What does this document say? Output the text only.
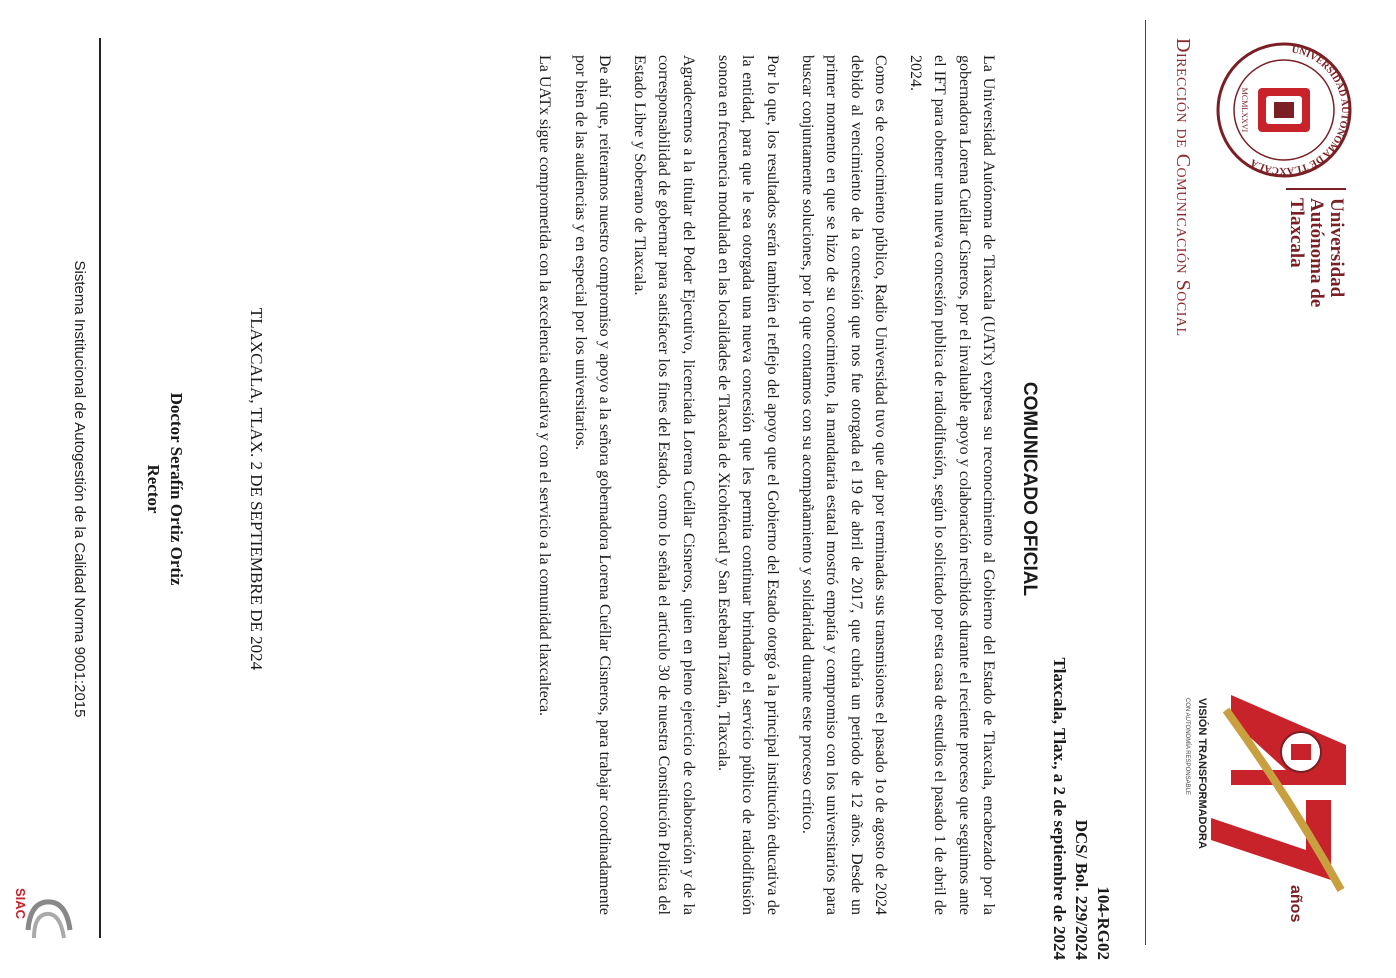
UNIVERSIDAD AUTÓNOMA DE TLAXCALA
MCMLXXVI
Universidad
Autónoma de
Tlaxcala
Dirección de Comunicación Social
años
VISIÓN TRANSFORMADORA
CON AUTONOMÍA RESPONSABLE
104-RG02
DCS/ Bol. 229/2024
Tlaxcala, Tlax., a 2 de septiembre de 2024
COMUNICADO OFICIAL

La Universidad Autónoma de Tlaxcala (UATx) expresa su reconocimiento al Gobierno del Estado de Tlaxcala, encabezado por la gobernadora Lorena Cuéllar Cisneros, por el invaluable apoyo y colaboración recibidos durante el reciente proceso que seguimos ante el IFT para obtener una nueva concesión publica de radiodifusión, según lo solicitado por esta casa de estudios el pasado 1 de abril de 2024.

Como es de conocimiento público, Radio Universidad tuvo que dar por terminadas sus transmisiones el pasado 1o de agosto de 2024 debido al vencimiento de la concesión que nos fue otorgada el 19 de abril de 2017, que cubría un periodo de 12 años. Desde un primer momento en que se hizo de su conocimiento, la mandataria estatal mostró empatía y compromiso con los universitarios para buscar conjuntamente soluciones, por lo que contamos con su acompañamiento y solidaridad durante este proceso crítico.

Por lo que, los resultados serán también el reflejo del apoyo que el Gobierno del Estado otorgó a la principal institución educativa de la entidad, para que le sea otorgada una nueva concesión que les permita continuar brindando el servicio público de radiodifusión sonora en frecuencia modulada en las localidades de Tlaxcala de Xicohténcatl y San Esteban Tizatlán, Tlaxcala.

Agradecemos a la titular del Poder Ejecutivo, licenciada Lorena Cuéllar Cisneros, quien en pleno ejercicio de colaboración y de la corresponsabilidad de gobernar para satisfacer los fines del Estado, como lo señala el artículo 30 de nuestra Constitución Política del Estado Libre y Soberano de Tlaxcala.

De ahí que, reiteramos nuestro compromiso y apoyo a la señora gobernadora Lorena Cuéllar Cisneros, para trabajar coordinadamente por bien de las audiencias y en especial por los universitarios.

La UATx sigue comprometida con la excelencia educativa y con el servicio a la comunidad tlaxcalteca.

TLAXCALA, TLAX. 2 DE SEPTIEMBRE DE 2024
Doctor Serafín Ortiz Ortiz
Rector
Sistema Institucional de Autogestión de la Calidad Norma 9001:2015
SIAC
